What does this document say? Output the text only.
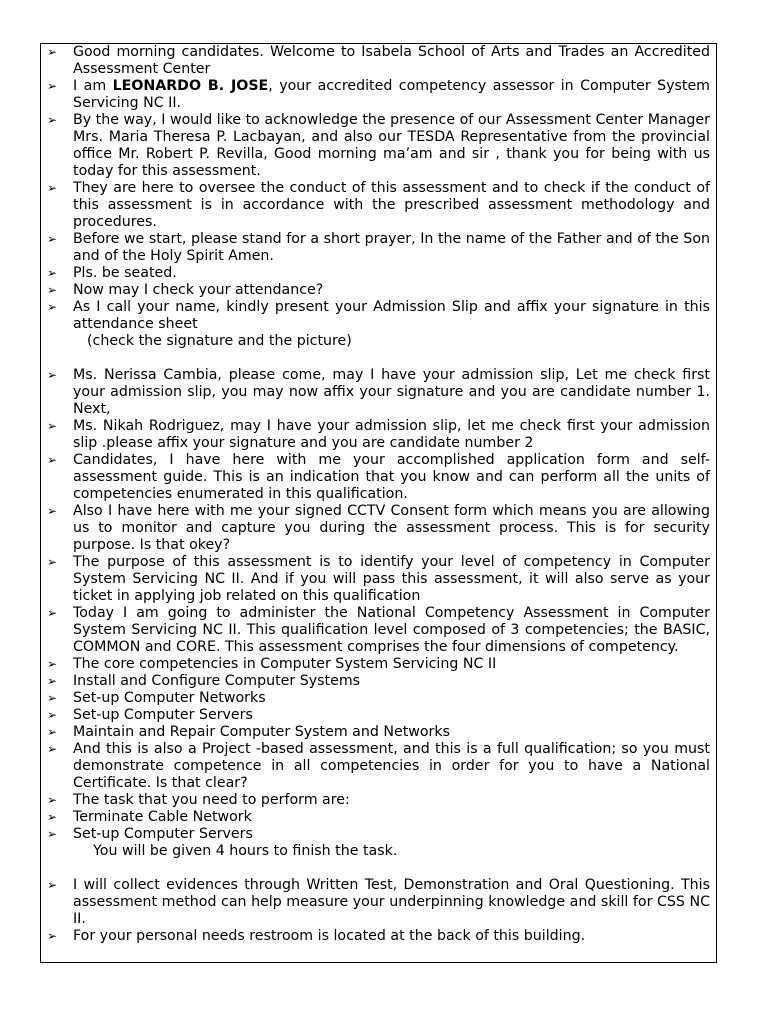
➢ Good morning candidates. Welcome to Isabela School of Arts and Trades an Accredited Assessment Center

➢ I am LEONARDO B. JOSE, your accredited competency assessor in Computer System Servicing NC II.

➢ By the way, I would like to acknowledge the presence of our Assessment Center Manager Mrs. Maria Theresa P. Lacbayan, and also our TESDA Representative from the provincial office Mr. Robert P. Revilla, Good morning ma’am and sir , thank you for being with us today for this assessment.

➢ They are here to oversee the conduct of this assessment and to check if the conduct of this assessment is in accordance with the prescribed assessment methodology and procedures.

➢ Before we start, please stand for a short prayer, In the name of the Father and of the Son and of the Holy Spirit Amen.

➢ Pls. be seated.

➢ Now may I check your attendance?

➢ As I call your name, kindly present your Admission Slip and affix your signature in this attendance sheet

(check the signature and the picture)
➢ Ms. Nerissa Cambia, please come, may I have your admission slip, Let me check first your admission slip, you may now affix your signature and you are candidate number 1. Next,

➢ Ms. Nikah Rodriguez, may I have your admission slip, let me check first your admission slip .please affix your signature and you are candidate number 2

➢ Candidates, I have here with me your accomplished application form and self-assessment guide. This is an indication that you know and can perform all the units of competencies enumerated in this qualification.

➢ Also I have here with me your signed CCTV Consent form which means you are allowing us to monitor and capture you during the assessment process. This is for security purpose. Is that okey?

➢ The purpose of this assessment is to identify your level of competency in Computer System Servicing NC II. And if you will pass this assessment, it will also serve as your ticket in applying job related on this qualification

➢ Today I am going to administer the National Competency Assessment in Computer System Servicing NC II. This qualification level composed of 3 competencies; the BASIC, COMMON and CORE. This assessment comprises the four dimensions of competency.

➢ The core competencies in Computer System Servicing NC II

➢ Install and Configure Computer Systems

➢ Set-up Computer Networks

➢ Set-up Computer Servers

➢ Maintain and Repair Computer System and Networks

➢ And this is also a Project -based assessment, and this is a full qualification; so you must demonstrate competence in all competencies in order for you to have a National Certificate. Is that clear?

➢ The task that you need to perform are:

➢ Terminate Cable Network

➢ Set-up Computer Servers

You will be given 4 hours to finish the task.
➢ I will collect evidences through Written Test, Demonstration and Oral Questioning. This assessment method can help measure your underpinning knowledge and skill for CSS NC II.

➢ For your personal needs restroom is located at the back of this building.
